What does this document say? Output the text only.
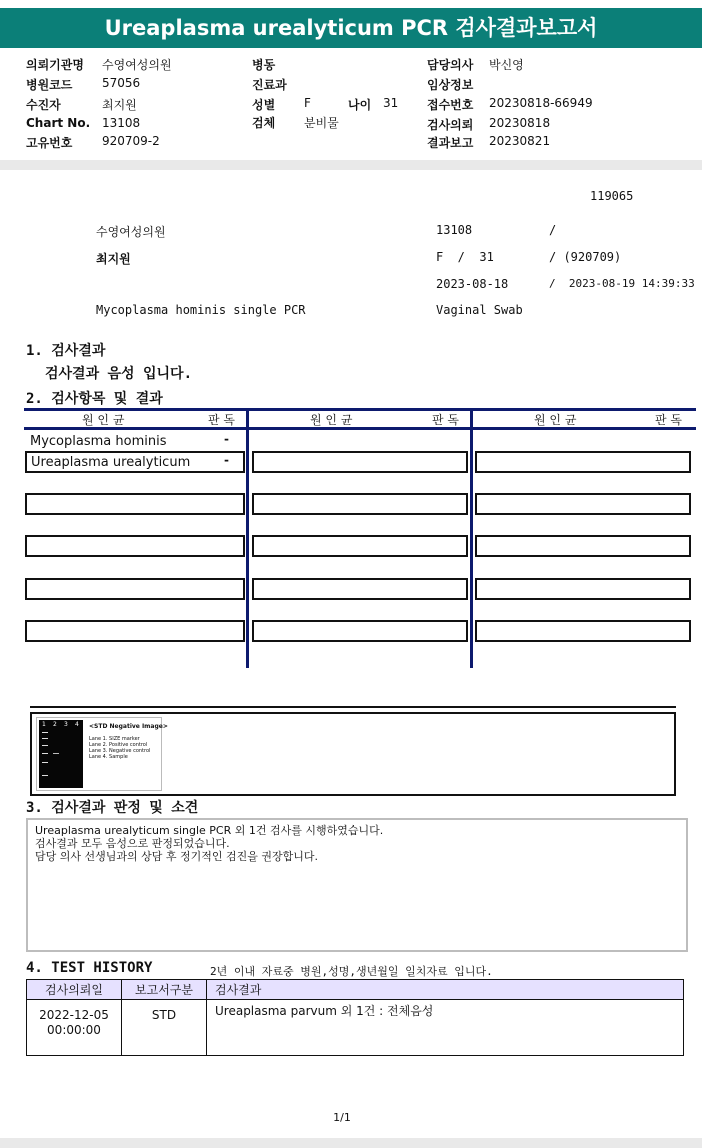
Ureaplasma urealyticum PCR 검사결과보고서
의뢰기관명 수영여성의원
병원코드 57056
수진자	최지원
Chart No. 13108
고유번호 920709-2
병동
진료과
성별 F	나이 31
검체 분비물
담당의사 박신영
임상정보
접수번호 20230818-66949
검사의뢰 20230818
결과보고 20230821
119065
수영여성의원	13108	/
최지원	F  /  31	/ (920709)
2023-08-18	/  2023-08-19 14:39:33
Mycoplasma hominis single PCR	Vaginal Swab
1. 검사결과
검사결과 음성 입니다.
2. 검사항목 및 결과
원 인 균	판 독	원 인 균	판 독	원 인 균	판 독
Mycoplasma hominis	-
Ureaplasma urealyticum	-
1 2 3 4 <STD Negative Image>
Lane 1. SIZE marker
Lane 2. Positive control
Lane 3. Negative control
Lane 4. Sample
3. 검사결과 판정 및 소견
Ureaplasma urealyticum single PCR 외 1건 검사를 시행하였습니다.
검사결과 모두 음성으로 판정되었습니다.
담당 의사 선생님과의 상담 후 정기적인 검진을 권장합니다.
4. TEST HISTORY	2년 이내 자료중 병원,성명,생년월일 일치자료 입니다.
검사의뢰일	보고서구분	검사결과

2022-12-05
00:00:00	STD	Ureaplasma parvum 외 1건 : 전체음성
1/1
